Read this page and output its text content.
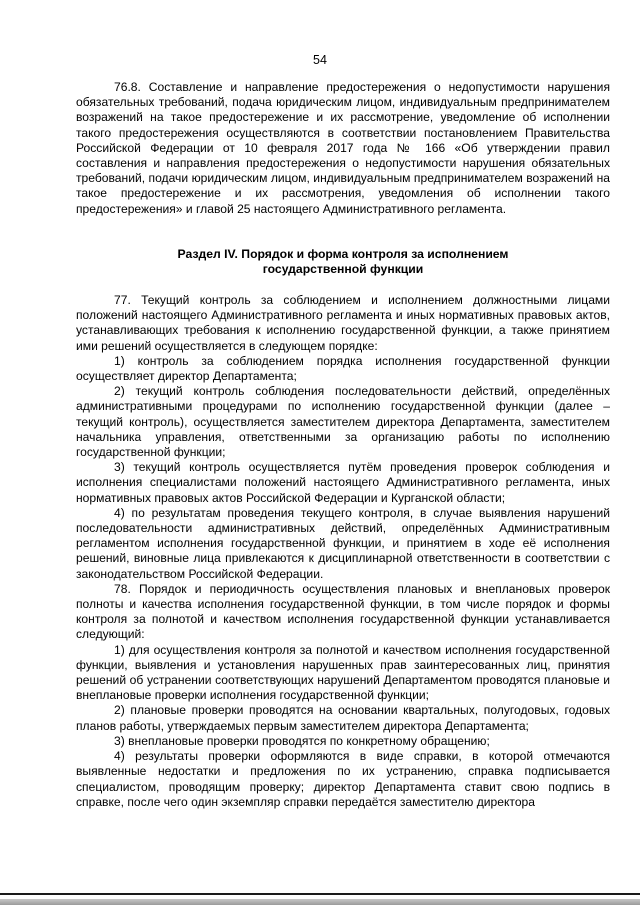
54

76.8. Составление и направление предостережения о недопустимости нарушения обязательных требований, подача юридическим лицом, индивидуальным предпринимателем возражений на такое предостережение и их рассмотрение, уведомление об исполнении такого предостережения осуществляются в соответствии постановлением Правительства Российской Федерации от 10 февраля 2017 года № 166 «Об утверждении правил составления и направления предостережения о недопустимости нарушения обязательных требований, подачи юридическим лицом, индивидуальным предпринимателем возражений на такое предостережение и их рассмотрения, уведомления об исполнении такого предостережения» и главой 25 настоящего Административного регламента.

Раздел IV. Порядок и форма контроля за исполнением
государственной функции

77. Текущий контроль за соблюдением и исполнением должностными лицами положений настоящего Административного регламента и иных нормативных правовых актов, устанавливающих требования к исполнению государственной функции, а также принятием ими решений осуществляется в следующем порядке:

1) контроль за соблюдением порядка исполнения государственной функции осуществляет директор Департамента;

2) текущий контроль соблюдения последовательности действий, определённых административными процедурами по исполнению государственной функции (далее – текущий контроль), осуществляется заместителем директора Департамента, заместителем начальника управления, ответственными за организацию работы по исполнению государственной функции;

3) текущий контроль осуществляется путём проведения проверок соблюдения и исполнения специалистами положений настоящего Административного регламента, иных нормативных правовых актов Российской Федерации и Курганской области;

4) по результатам проведения текущего контроля, в случае выявления нарушений последовательности административных действий, определённых Административным регламентом исполнения государственной функции, и принятием в ходе её исполнения решений, виновные лица привлекаются к дисциплинарной ответственности в соответствии с законодательством Российской Федерации.

78. Порядок и периодичность осуществления плановых и внеплановых проверок полноты и качества исполнения государственной функции, в том числе порядок и формы контроля за полнотой и качеством исполнения государственной функции устанавливается следующий:

1) для осуществления контроля за полнотой и качеством исполнения государственной функции, выявления и установления нарушенных прав заинтересованных лиц, принятия решений об устранении соответствующих нарушений Департаментом проводятся плановые и внеплановые проверки исполнения государственной функции;

2) плановые проверки проводятся на основании квартальных, полугодовых, годовых планов работы, утверждаемых первым заместителем директора Департамента;

3) внеплановые проверки проводятся по конкретному обращению;

4) результаты проверки оформляются в виде справки, в которой отмечаются выявленные недостатки и предложения по их устранению, справка подписывается специалистом, проводящим проверку; директор Департамента ставит свою подпись в справке, после чего один экземпляр справки передаётся заместителю директора
